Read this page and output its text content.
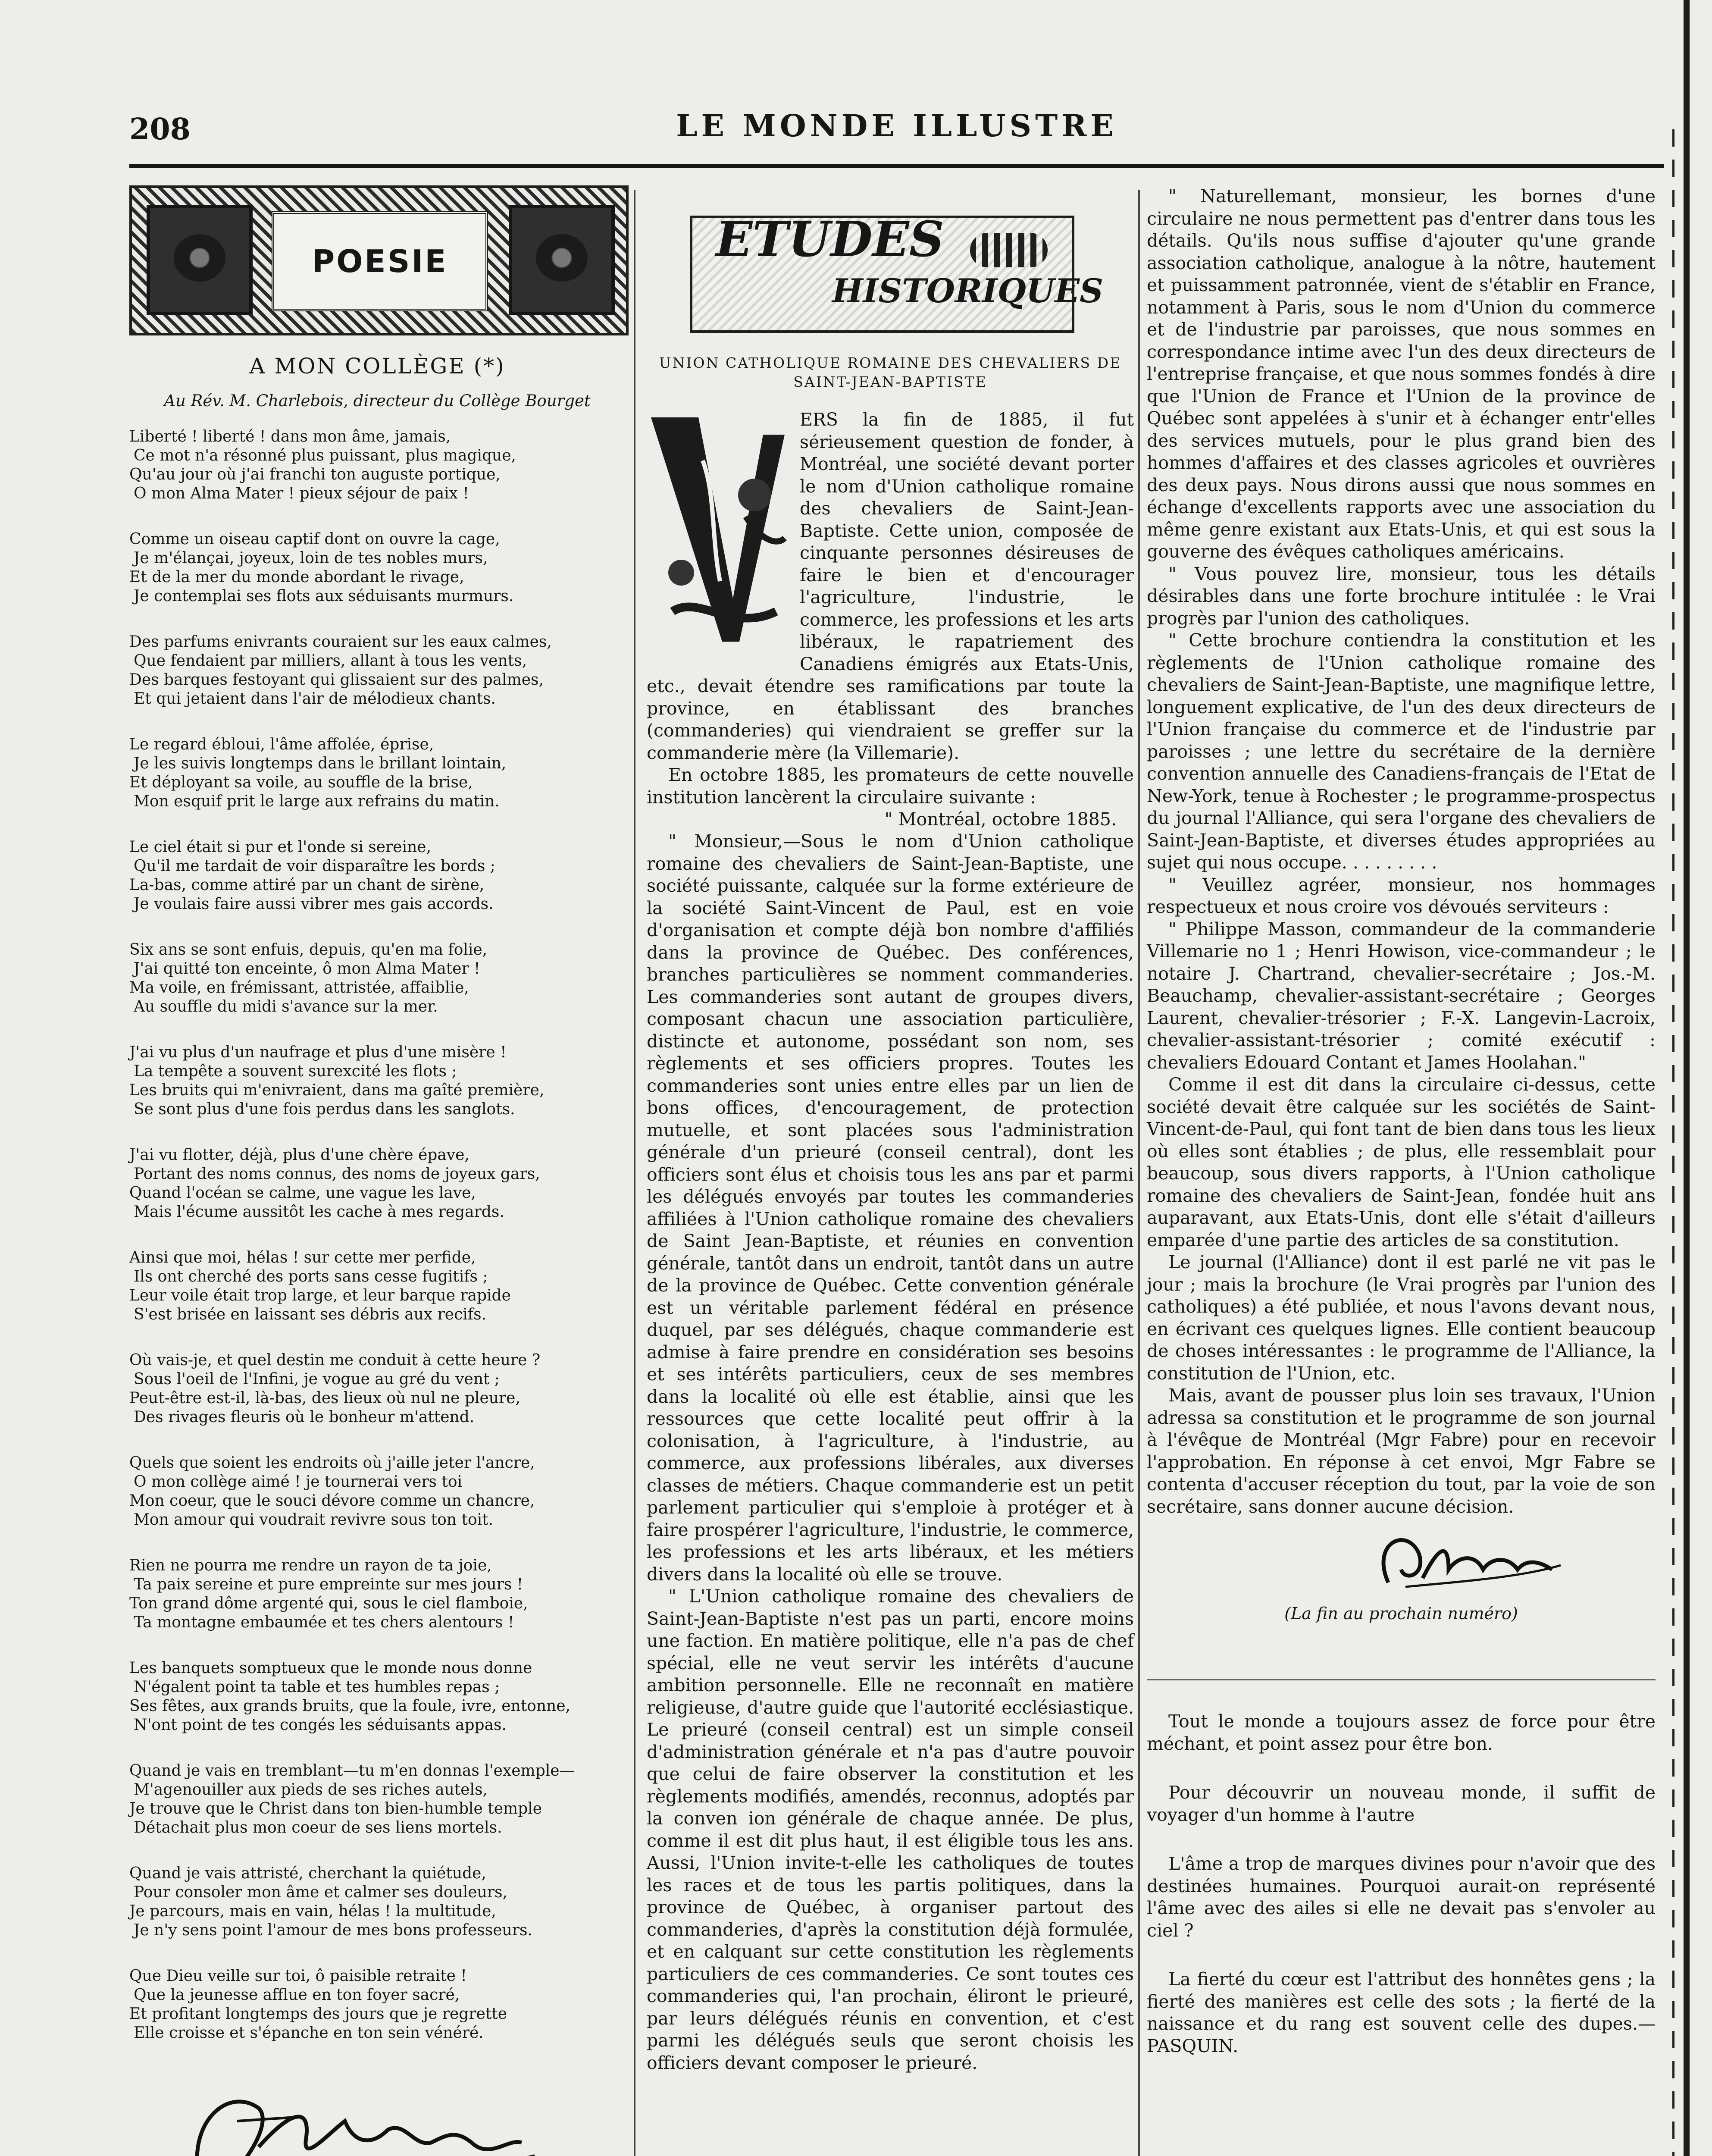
208	LE MONDE ILLUSTRE
POESIE
A MON COLLÈGE (*)
Au Rév. M. Charlebois, directeur du Collège Bourget
Liberté ! liberté ! dans mon âme, jamais,
Ce mot n'a résonné plus puissant, plus magique,
Qu'au jour où j'ai franchi ton auguste portique,
O mon Alma Mater ! pieux séjour de paix !
Comme un oiseau captif dont on ouvre la cage,
Je m'élançai, joyeux, loin de tes nobles murs,
Et de la mer du monde abordant le rivage,
Je contemplai ses flots aux séduisants murmurs.
Des parfums enivrants couraient sur les eaux calmes,
Que fendaient par milliers, allant à tous les vents,
Des barques festoyant qui glissaient sur des palmes,
Et qui jetaient dans l'air de mélodieux chants.
Le regard ébloui, l'âme affolée, éprise,
Je les suivis longtemps dans le brillant lointain,
Et déployant sa voile, au souffle de la brise,
Mon esquif prit le large aux refrains du matin.
Le ciel était si pur et l'onde si sereine,
Qu'il me tardait de voir disparaître les bords ;
La-bas, comme attiré par un chant de sirène,
Je voulais faire aussi vibrer mes gais accords.
Six ans se sont enfuis, depuis, qu'en ma folie,
J'ai quitté ton enceinte, ô mon Alma Mater !
Ma voile, en frémissant, attristée, affaiblie,
Au souffle du midi s'avance sur la mer.
J'ai vu plus d'un naufrage et plus d'une misère !
La tempête a souvent surexcité les flots ;
Les bruits qui m'enivraient, dans ma gaîté première,
Se sont plus d'une fois perdus dans les sanglots.
J'ai vu flotter, déjà, plus d'une chère épave,
Portant des noms connus, des noms de joyeux gars,
Quand l'océan se calme, une vague les lave,
Mais l'écume aussitôt les cache à mes regards.
Ainsi que moi, hélas ! sur cette mer perfide,
Ils ont cherché des ports sans cesse fugitifs ;
Leur voile était trop large, et leur barque rapide
S'est brisée en laissant ses débris aux recifs.
Où vais-je, et quel destin me conduit à cette heure ?
Sous l'oeil de l'Infini, je vogue au gré du vent ;
Peut-être est-il, là-bas, des lieux où nul ne pleure,
Des rivages fleuris où le bonheur m'attend.
Quels que soient les endroits où j'aille jeter l'ancre,
O mon collège aimé ! je tournerai vers toi
Mon coeur, que le souci dévore comme un chancre,
Mon amour qui voudrait revivre sous ton toit.
Rien ne pourra me rendre un rayon de ta joie,
Ta paix sereine et pure empreinte sur mes jours !
Ton grand dôme argenté qui, sous le ciel flamboie,
Ta montagne embaumée et tes chers alentours !
Les banquets somptueux que le monde nous donne
N'égalent point ta table et tes humbles repas ;
Ses fêtes, aux grands bruits, que la foule, ivre, entonne,
N'ont point de tes congés les séduisants appas.
Quand je vais en tremblant—tu m'en donnas l'exemple—
M'agenouiller aux pieds de ses riches autels,
Je trouve que le Christ dans ton bien-humble temple
Détachait plus mon coeur de ses liens mortels.
Quand je vais attristé, cherchant la quiétude,
Pour consoler mon âme et calmer ses douleurs,
Je parcours, mais en vain, hélas ! la multitude,
Je n'y sens point l'amour de mes bons professeurs.
Que Dieu veille sur toi, ô paisible retraite !
Que la jeunesse afflue en ton foyer sacré,
Et profitant longtemps des jours que je regrette
Elle croisse et s'épanche en ton sein vénéré.
ETUDES
HISTORIQUES
UNION CATHOLIQUE ROMAINE DES CHEVALIERS DE SAINT-JEAN-BAPTISTE

ERS la fin de 1885, il fut sérieusement question de fonder, à Montréal, une société devant porter le nom d'Union catholique romaine des chevaliers de Saint-Jean-Baptiste. Cette union, composée de cinquante personnes désireuses de faire le bien et d'encourager l'agriculture, l'industrie, le commerce, les professions et les arts libéraux, le rapatriement des Canadiens émigrés aux Etats-Unis, etc., devait étendre ses ramifications par toute la province, en établissant des branches (commanderies) qui viendraient se greffer sur la commanderie mère (la Villemarie).

En octobre 1885, les promateurs de cette nouvelle institution lancèrent la circulaire suivante :

" Montréal, octobre 1885.

" Monsieur,—Sous le nom d'Union catholique romaine des chevaliers de Saint-Jean-Baptiste, une société puissante, calquée sur la forme extérieure de la société Saint-Vincent de Paul, est en voie d'organisation et compte déjà bon nombre d'affiliés dans la province de Québec. Des conférences, branches particulières se nomment commanderies. Les commanderies sont autant de groupes divers, composant chacun une association particulière, distincte et autonome, possédant son nom, ses règlements et ses officiers propres. Toutes les commanderies sont unies entre elles par un lien de bons offices, d'encouragement, de protection mutuelle, et sont placées sous l'administration générale d'un prieuré (conseil central), dont les officiers sont élus et choisis tous les ans par et parmi les délégués envoyés par toutes les commanderies affiliées à l'Union catholique romaine des chevaliers de Saint Jean-Baptiste, et réunies en convention générale, tantôt dans un endroit, tantôt dans un autre de la province de Québec. Cette convention générale est un véritable parlement fédéral en présence duquel, par ses délégués, chaque commanderie est admise à faire prendre en considération ses besoins et ses intérêts particuliers, ceux de ses membres dans la localité où elle est établie, ainsi que les ressources que cette localité peut offrir à la colonisation, à l'agriculture, à l'industrie, au commerce, aux professions libérales, aux diverses classes de métiers. Chaque commanderie est un petit parlement particulier qui s'emploie à protéger et à faire prospérer l'agriculture, l'industrie, le commerce, les professions et les arts libéraux, et les métiers divers dans la localité où elle se trouve.

" L'Union catholique romaine des chevaliers de Saint-Jean-Baptiste n'est pas un parti, encore moins une faction. En matière politique, elle n'a pas de chef spécial, elle ne veut servir les intérêts d'aucune ambition personnelle. Elle ne reconnaît en matière religieuse, d'autre guide que l'autorité ecclésiastique. Le prieuré (conseil central) est un simple conseil d'administration générale et n'a pas d'autre pouvoir que celui de faire observer la constitution et les règlements modifiés, amendés, reconnus, adoptés par la conven ion générale de chaque année. De plus, comme il est dit plus haut, il est éligible tous les ans. Aussi, l'Union invite-t-elle les catholiques de toutes les races et de tous les partis politiques, dans la province de Québec, à organiser partout des commanderies, d'après la constitution déjà formulée, et en calquant sur cette constitution les règlements particuliers de ces commanderies. Ce sont toutes ces commanderies qui, l'an prochain, éliront le prieuré, par leurs délégués réunis en convention, et c'est parmi les délégués seuls que seront choisis les officiers devant composer le prieuré.

" Naturellemant, monsieur, les bornes d'une circulaire ne nous permettent pas d'entrer dans tous les détails. Qu'ils nous suffise d'ajouter qu'une grande association catholique, analogue à la nôtre, hautement et puissamment patronnée, vient de s'établir en France, notamment à Paris, sous le nom d'Union du commerce et de l'industrie par paroisses, que nous sommes en correspondance intime avec l'un des deux directeurs de l'entreprise française, et que nous sommes fondés à dire que l'Union de France et l'Union de la province de Québec sont appelées à s'unir et à échanger entr'elles des services mutuels, pour le plus grand bien des hommes d'affaires et des classes agricoles et ouvrières des deux pays. Nous dirons aussi que nous sommes en échange d'excellents rapports avec une association du même genre existant aux Etats-Unis, et qui est sous la gouverne des évêques catholiques américains.

" Vous pouvez lire, monsieur, tous les détails désirables dans une forte brochure intitulée : le Vrai progrès par l'union des catholiques.

" Cette brochure contiendra la constitution et les règlements de l'Union catholique romaine des chevaliers de Saint-Jean-Baptiste, une magnifique lettre, longuement explicative, de l'un des deux directeurs de l'Union française du commerce et de l'industrie par paroisses ; une lettre du secrétaire de la dernière convention annuelle des Canadiens-français de l'Etat de New-York, tenue à Rochester ; le programme-prospectus du journal l'Alliance, qui sera l'organe des chevaliers de Saint-Jean-Baptiste, et diverses études appropriées au sujet qui nous occupe. . . . . . . . .

" Veuillez agréer, monsieur, nos hommages respectueux et nous croire vos dévoués serviteurs :

" Philippe Masson, commandeur de la commanderie Villemarie no 1 ; Henri Howison, vice-commandeur ; le notaire J. Chartrand, chevalier-secrétaire ; Jos.-M. Beauchamp, chevalier-assistant-secrétaire ; Georges Laurent, chevalier-trésorier ; F.-X. Langevin-Lacroix, chevalier-assistant-trésorier ; comité exécutif : chevaliers Edouard Contant et James Hoolahan."

Comme il est dit dans la circulaire ci-dessus, cette société devait être calquée sur les sociétés de Saint-Vincent-de-Paul, qui font tant de bien dans tous les lieux où elles sont établies ; de plus, elle ressemblait pour beaucoup, sous divers rapports, à l'Union catholique romaine des chevaliers de Saint-Jean, fondée huit ans auparavant, aux Etats-Unis, dont elle s'était d'ailleurs emparée d'une partie des articles de sa constitution.

Le journal (l'Alliance) dont il est parlé ne vit pas le jour ; mais la brochure (le Vrai progrès par l'union des catholiques) a été publiée, et nous l'avons devant nous, en écrivant ces quelques lignes. Elle contient beaucoup de choses intéressantes : le programme de l'Alliance, la constitution de l'Union, etc.

Mais, avant de pousser plus loin ses travaux, l'Union adressa sa constitution et le programme de son journal à l'évêque de Montréal (Mgr Fabre) pour en recevoir l'approbation. En réponse à cet envoi, Mgr Fabre se contenta d'accuser réception du tout, par la voie de son secrétaire, sans donner aucune décision.

(La fin au prochain numéro)

Tout le monde a toujours assez de force pour être méchant, et point assez pour être bon.

Pour découvrir un nouveau monde, il suffit de voyager d'un homme à l'autre

L'âme a trop de marques divines pour n'avoir que des destinées humaines. Pourquoi aurait-on représenté l'âme avec des ailes si elle ne devait pas s'envoler au ciel ?

La fierté du cœur est l'attribut des honnêtes gens ; la fierté des manières est celle des sots ; la fierté de la naissance et du rang est souvent celle des dupes.—PASQUIN.
